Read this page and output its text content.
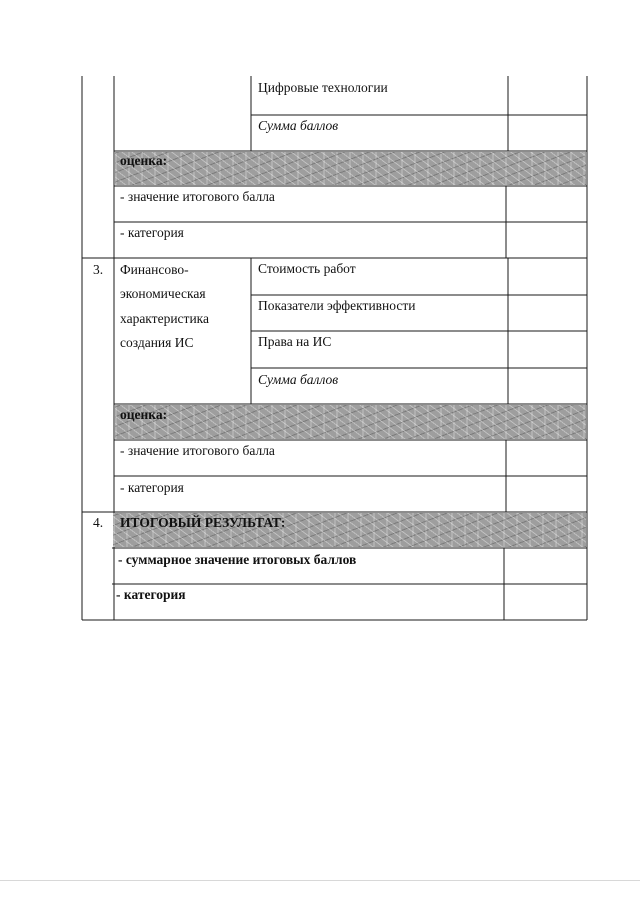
Цифровые технологии
Сумма баллов
оценка:
- значение итогового балла
- категория
3. Финансово-
экономическая
характеристика
создания ИС
Стоимость работ
Показатели эффективности
Права на ИС
Сумма баллов
оценка:
- значение итогового балла
- категория
4. ИТОГОВЫЙ РЕЗУЛЬТАТ:
- суммарное значение итоговых баллов
- категория
